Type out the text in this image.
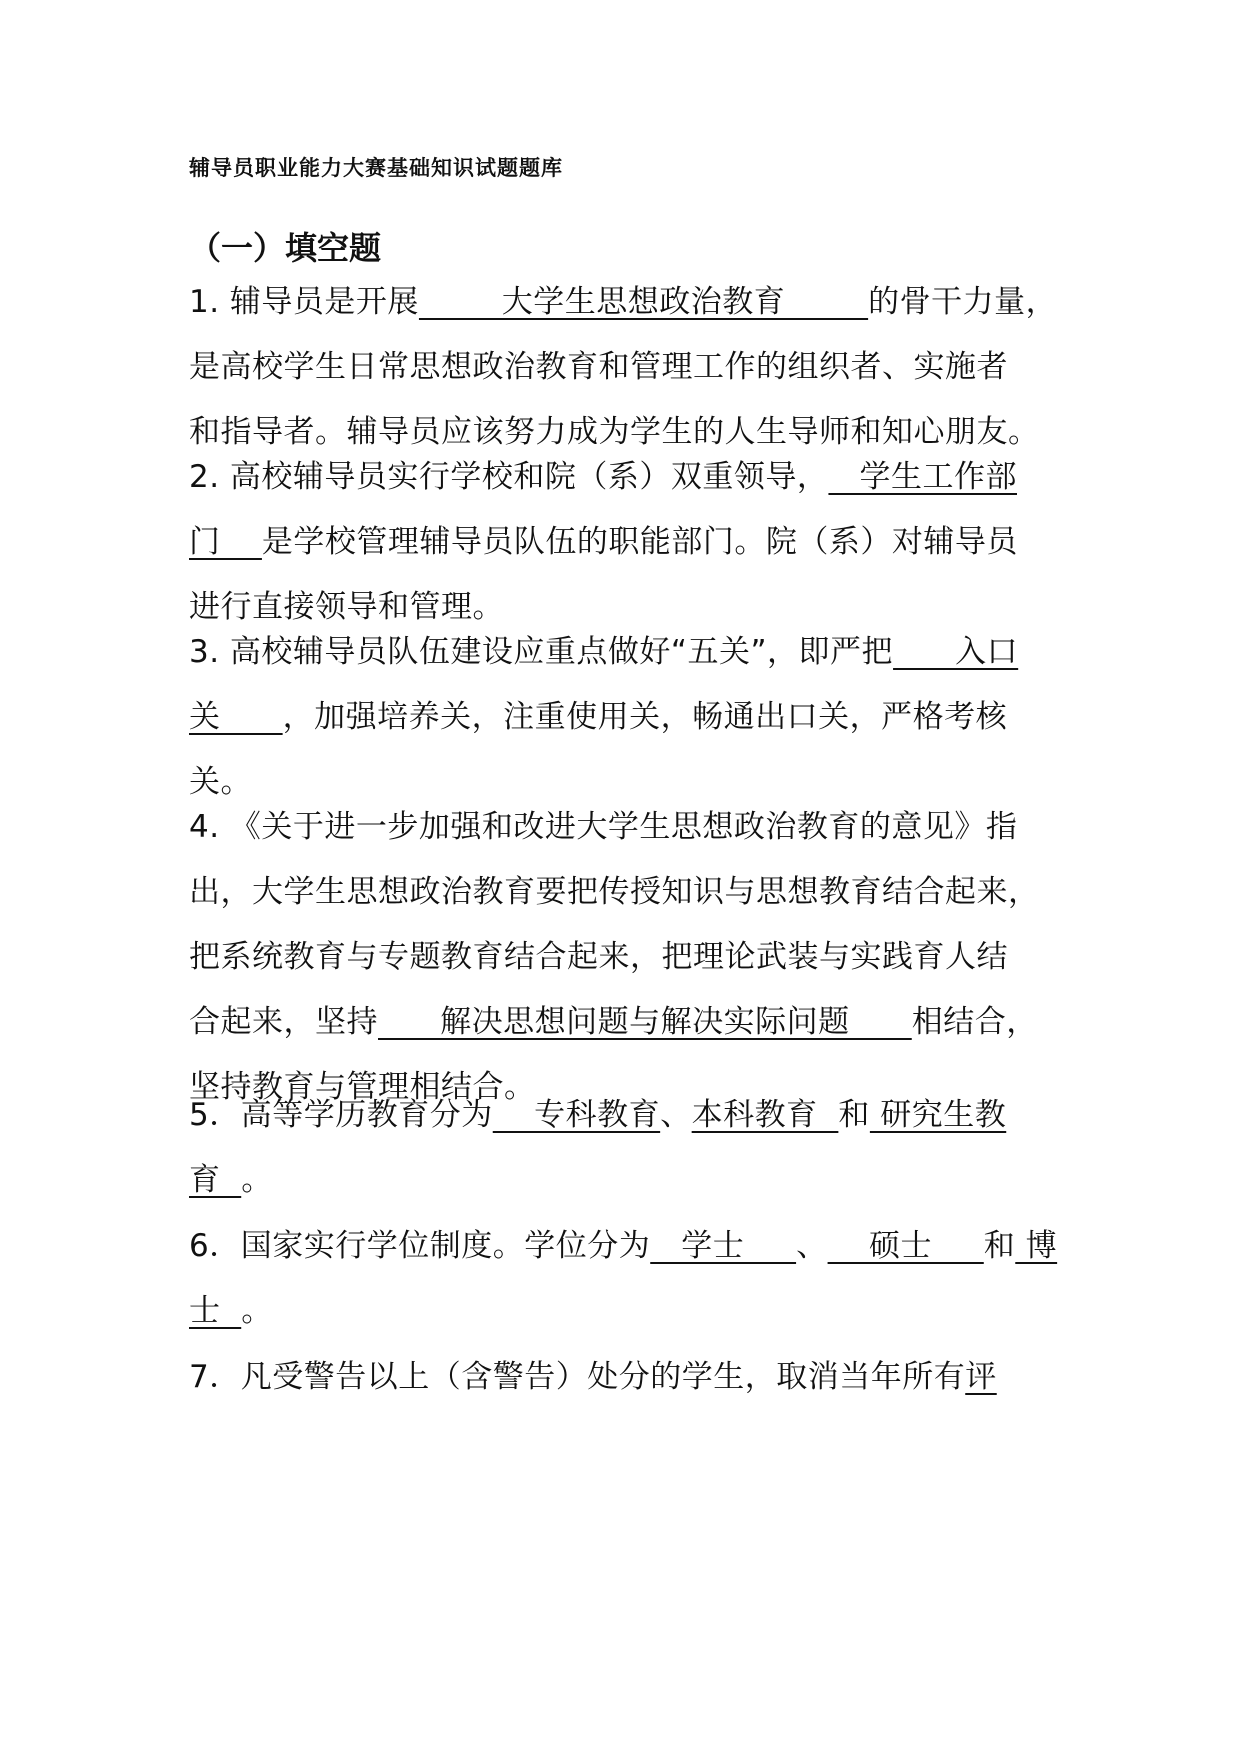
辅导员职业能力大赛基础知识试题题库
（一）填空题
1. 辅导员是开展        大学生思想政治教育        的骨干力量，
是高校学生日常思想政治教育和管理工作的组织者、实施者
和指导者。辅导员应该努力成为学生的人生导师和知心朋友。
2. 高校辅导员实行学校和院（系）双重领导，   学生工作部
门    是学校管理辅导员队伍的职能部门。院（系）对辅导员
进行直接领导和管理。
3. 高校辅导员队伍建设应重点做好“五关”，即严把      入口
关      ，加强培养关，注重使用关，畅通出口关，严格考核
关。
4. 《关于进一步加强和改进大学生思想政治教育的意见》指
出，大学生思想政治教育要把传授知识与思想教育结合起来，
把系统教育与专题教育结合起来，把理论武装与实践育人结
合起来，坚持      解决思想问题与解决实际问题      相结合，
坚持教育与管理相结合。
5．高等学历教育分为    专科教育、本科教育  和 研究生教
育  。
6．国家实行学位制度。学位分为   学士     、    硕士     和 博
士  。
7．凡受警告以上（含警告）处分的学生，取消当年所有评
